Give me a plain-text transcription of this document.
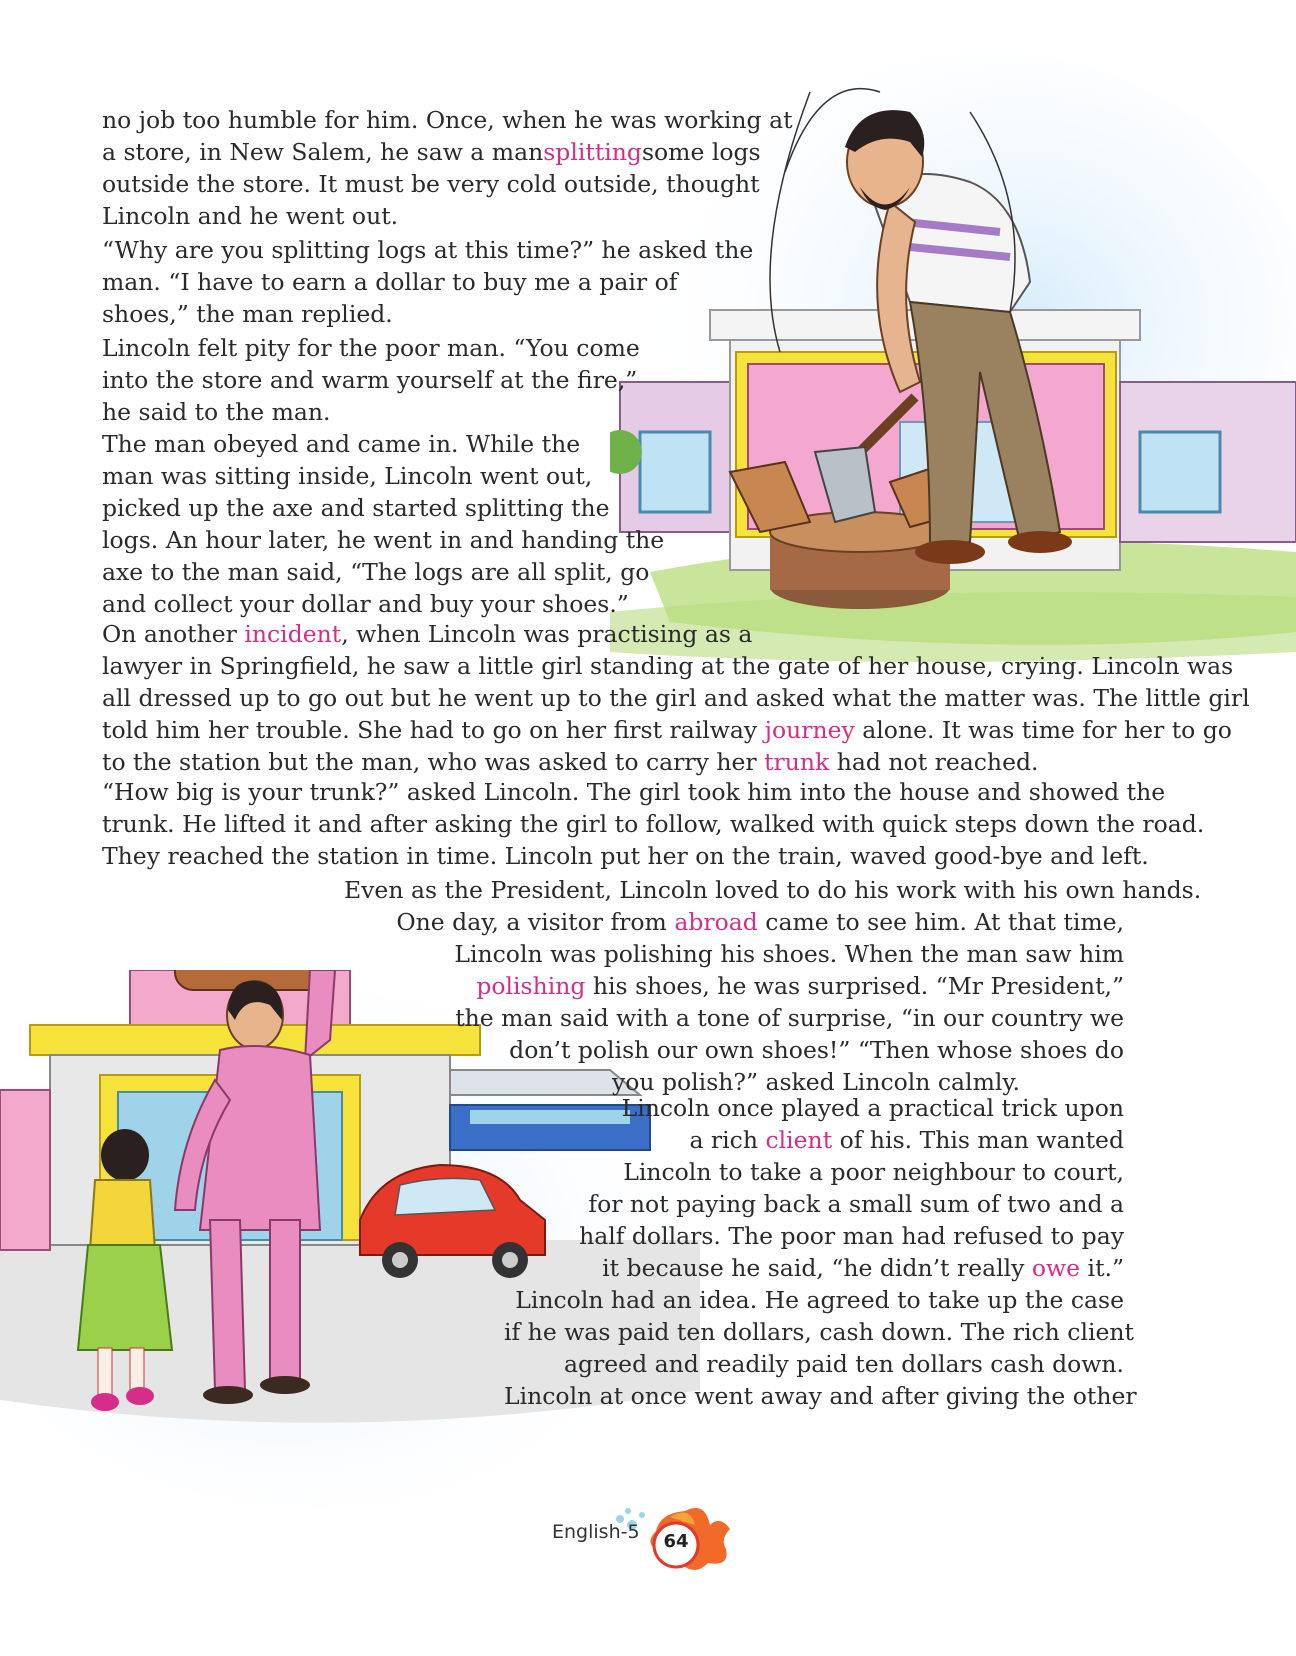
no job too humble for him. Once, when he was working at
a store, in New Salem, he saw a man splitting some logs
outside the store. It must be very cold outside, thought
Lincoln and he went out.
“Why are you splitting logs at this time?” he asked the
man. “I have to earn a dollar to buy me a pair of
shoes,” the man replied.
Lincoln felt pity for the poor man. “You come
into the store and warm yourself at the fire,”
he said to the man.
The man obeyed and came in. While the
man was sitting inside, Lincoln went out,
picked up the axe and started splitting the
logs. An hour later, he went in and handing the
axe to the man said, “The logs are all split, go
and collect your dollar and buy your shoes.”
On another incident, when Lincoln was practising as a
lawyer in Springfield, he saw a little girl standing at the gate of her house, crying. Lincoln was
all dressed up to go out but he went up to the girl and asked what the matter was. The little girl
told him her trouble. She had to go on her first railway journey alone. It was time for her to go
to the station but the man, who was asked to carry her trunk had not reached.
“How big is your trunk?” asked Lincoln. The girl took him into the house and showed the
trunk. He lifted it and after asking the girl to follow, walked with quick steps down the road.
They reached the station in time. Lincoln put her on the train, waved good-bye and left.
Even as the President, Lincoln loved to do his work with his own hands.
One day, a visitor from abroad came to see him. At that time,
Lincoln was polishing his shoes. When the man saw him
polishing his shoes, he was surprised. “Mr President,”
the man said with a tone of surprise, “in our country we
don’t polish our own shoes!” “Then whose shoes do
you polish?” asked Lincoln calmly.
Lincoln once played a practical trick upon
a rich client of his. This man wanted
Lincoln to take a poor neighbour to court,
for not paying back a small sum of two and a
half dollars. The poor man had refused to pay
it because he said, “he didn’t really owe it.”
Lincoln had an idea. He agreed to take up the case
if he was paid ten dollars, cash down. The rich client
agreed and readily paid ten dollars cash down.
Lincoln at once went away and after giving the other
English-5	64
